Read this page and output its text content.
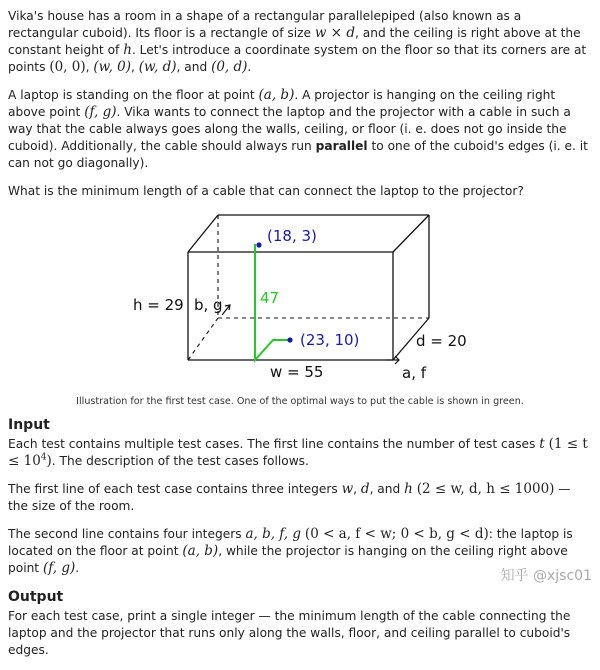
Vika's house has a room in a shape of a rectangular parallelepiped (also known as a rectangular cuboid). Its floor is a rectangle of size w × d, and the ceiling is right above at the constant height of h. Let's introduce a coordinate system on the floor so that its corners are at points (0, 0), (w, 0), (w, d), and (0, d).

A laptop is standing on the floor at point (a, b). A projector is hanging on the ceiling right above point (f, g). Vika wants to connect the laptop and the projector with a cable in such a way that the cable always goes along the walls, ceiling, or floor (i. e. does not go inside the cuboid). Additionally, the cable should always run parallel to one of the cuboid's edges (i. e. it can not go diagonally).

What is the minimum length of a cable that can connect the laptop to the projector?

(18, 3)
(23, 10)
47
h = 29 b, g
w = 55
d = 20
a, f
Illustration for the first test case. One of the optimal ways to put the cable is shown in green.
Input

Each test contains multiple test cases. The first line contains the number of test cases t $(1 \le t \le 10^4)$. The description of the test cases follows.

The first line of each test case contains three integers w, d, and h (2 ≤ w, d, h ≤ 1000) — the size of the room.

The second line contains four integers a, b, f, g (0 < a, f < w; 0 < b, g < d): the laptop is located on the floor at point (a, b), while the projector is hanging on the ceiling right above point (f, g).

Output

For each test case, print a single integer — the minimum length of the cable connecting the laptop and the projector that runs only along the walls, floor, and ceiling parallel to cuboid's edges.

知乎 @xjsc01
